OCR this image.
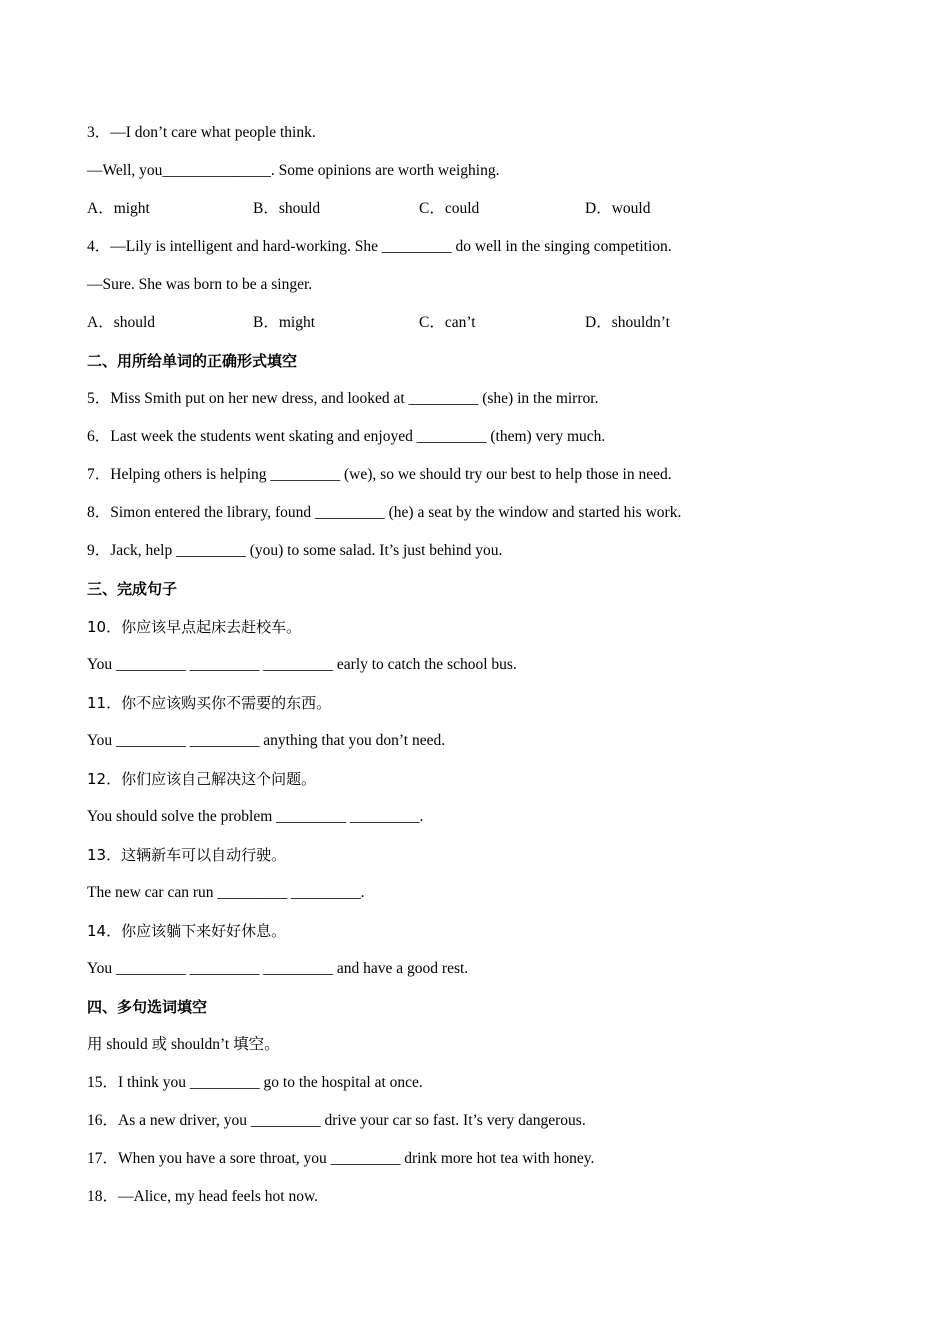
3．—I don’t care what people think.
—Well, you______________. Some opinions are worth weighing.
A．might	B．should	C．could	D．would
4．—Lily is intelligent and hard-working. She _________ do well in the singing competition.
—Sure. She was born to be a singer.
A．should	B．might	C．can’t	D．shouldn’t
二、用所给单词的正确形式填空
5．Miss Smith put on her new dress, and looked at _________ (she) in the mirror.
6．Last week the students went skating and enjoyed _________ (them) very much.
7．Helping others is helping _________ (we), so we should try our best to help those in need.
8．Simon entered the library, found _________ (he) a seat by the window and started his work.
9．Jack, help _________ (you) to some salad. It’s just behind you.
三、完成句子
10．你应该早点起床去赶校车。
You _________ _________ _________ early to catch the school bus.
11．你不应该购买你不需要的东西。
You _________ _________ anything that you don’t need.
12．你们应该自己解决这个问题。
You should solve the problem _________ _________.
13．这辆新车可以自动行驶。
The new car can run _________ _________.
14．你应该躺下来好好休息。
You _________ _________ _________ and have a good rest.
四、多句选词填空
用 should 或 shouldn’t 填空。
15．I think you _________ go to the hospital at once.
16．As a new driver, you _________ drive your car so fast. It’s very dangerous.
17．When you have a sore throat, you _________ drink more hot tea with honey.
18．—Alice, my head feels hot now.
